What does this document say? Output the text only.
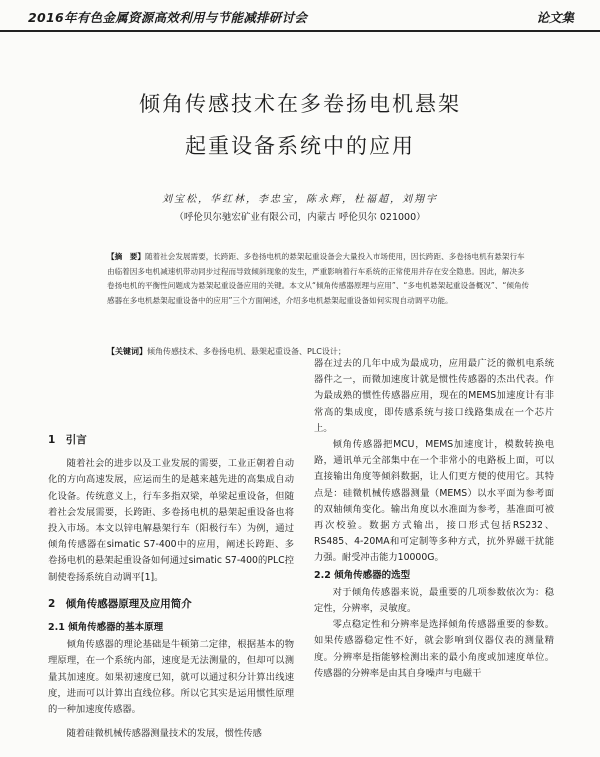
2016年有色金属资源高效利用与节能减排研讨会	论文集
倾角传感技术在多卷扬电机悬架
起重设备系统中的应用
刘宝松，华红林，李忠宝，陈永辉，杜福超，刘翔宇
（呼伦贝尔驰宏矿业有限公司，内蒙古 呼伦贝尔 021000）
【摘　要】随着社会发展需要，长跨距、多卷扬电机的悬架起重设备会大量投入市场使用，因长跨距、多卷扬电机有悬架行车由临着因多电机减速机带动同步过程而导致倾斜现象的发生，严重影响着行车系统的正常使用并存在安全隐患。因此，解决多卷扬电机的平衡性问题成为悬架起重设备应用的关键。本文从“倾角传感器原理与应用”、“多电机悬架起重设备概况”、“倾角传感器在多电机悬架起重设备中的应用”三个方面阐述，介绍多电机悬架起重设备如何实现自动调平功能。
【关键词】倾角传感技术、多卷扬电机、悬架起重设备、PLC设计；
1　引言

随着社会的进步以及工业发展的需要，工业正朝着自动化的方向高速发展，应运而生的是越来越先进的高集成自动化设备。传统意义上，行车多指双梁，单梁起重设备，但随着社会发展需要，长跨距、多卷扬电机的悬架起重设备也将投入市场。本文以锌电解悬架行车（阳极行车）为例，通过倾角传感器在simatic S7-400中的应用，阐述长跨距、多卷扬电机的悬架起重设备如何通过simatic S7-400的PLC控制使卷扬系统自动调平[1]。

2　倾角传感器原理及应用简介
2.1 倾角传感器的基本原理

倾角传感器的理论基础是牛顿第二定律，根据基本的物理原理，在一个系统内部，速度是无法测量的，但却可以测量其加速度。如果初速度已知，就可以通过积分计算出线速度，进而可以计算出直线位移。所以它其实是运用惯性原理的一种加速度传感器。

随着硅微机械传感器测量技术的发展，惯性传感

器在过去的几年中成为最成功，应用最广泛的微机电系统器件之一，而微加速度计就是惯性传感器的杰出代表。作为最成熟的惯性传感器应用，现在的MEMS加速度计有非常高的集成度，即传感系统与接口线路集成在一个芯片上。

倾角传感器把MCU，MEMS加速度计，模数转换电路，通讯单元全部集中在一个非常小的电路板上面，可以直接输出角度等倾斜数据，让人们更方便的使用它。其特点是：硅微机械传感器测量（MEMS）以水平面为参考面的双轴倾角变化。输出角度以水准面为参考，基准面可被再次校验。数据方式输出，接口形式包括RS232、RS485、4-20MA和可定制等多种方式，抗外界磁干扰能力强。耐受冲击能力10000G。

2.2 倾角传感器的选型

对于倾角传感器来说，最重要的几项参数依次为：稳定性，分辨率，灵敏度。

零点稳定性和分辨率是选择倾角传感器重要的参数。如果传感器稳定性不好，就会影响到仪器仪表的测量精度。分辨率是指能够检测出来的最小角度或加速度单位。传感器的分辨率是由其自身噪声与电磁干
